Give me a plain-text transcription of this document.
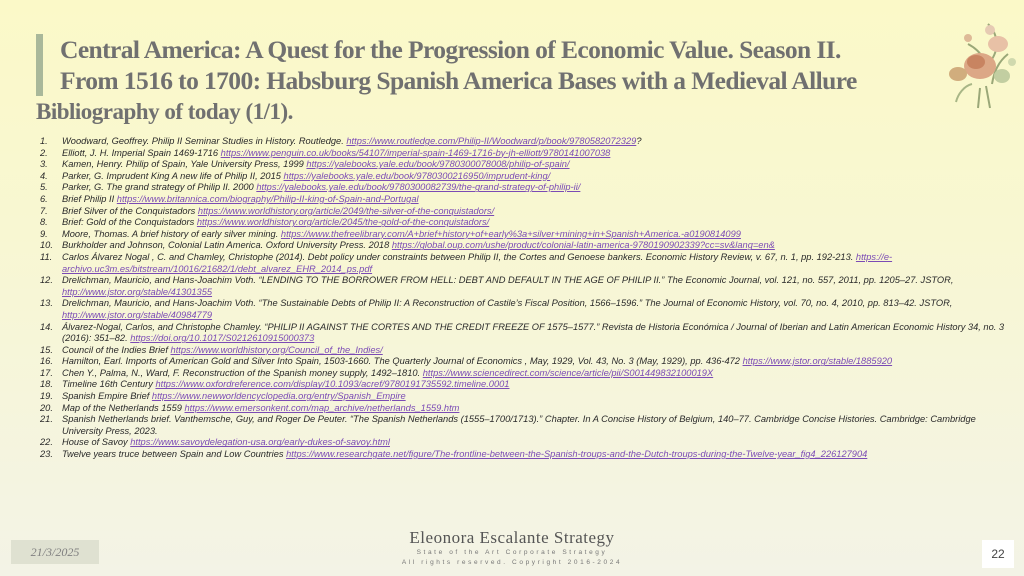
Central America: A Quest for the Progression of Economic Value. Season II.
From 1516 to 1700: Habsburg Spanish America Bases with a Medieval Allure
Bibliography of today (1/1).
1.	Woodward, Geoffrey. Philip II Seminar Studies in History. Routledge. https://www.routledge.com/Philip-II/Woodward/p/book/9780582072329?
2.	Elliott, J. H. Imperial Spain 1469-1716 https://www.penguin.co.uk/books/54107/imperial-spain-1469-1716-by-jh-elliott/9780141007038
3.	Kamen, Henry. Philip of Spain, Yale University Press, 1999 https://yalebooks.yale.edu/book/9780300078008/philip-of-spain/
4.	Parker, G. Imprudent King A new life of Philip II, 2015 https://yalebooks.yale.edu/book/9780300216950/imprudent-king/
5.	Parker, G. The grand strategy of Philip II. 2000 https://yalebooks.yale.edu/book/9780300082739/the-grand-strategy-of-philip-ii/
6.	Brief Philip II https://www.britannica.com/biography/Philip-II-king-of-Spain-and-Portugal
7.	Brief Silver of the Conquistadors https://www.worldhistory.org/article/2049/the-silver-of-the-conquistadors/
8.	Brief: Gold of the Conquistadors https://www.worldhistory.org/article/2045/the-gold-of-the-conquistadors/
9.	Moore, Thomas. A brief history of early silver mining. https://www.thefreelibrary.com/A+brief+history+of+early%3a+silver+mining+in+Spanish+America.-a0190814099
10. Burkholder and Johnson, Colonial Latin America. Oxford University Press. 2018 https://global.oup.com/ushe/product/colonial-latin-america-9780190902339?cc=sv&lang=en&
11.	Carlos Álvarez Nogal , C. and Chamley, Christophe (2014). Debt policy under constraints between Philip II, the Cortes and Genoese bankers. Economic History Review, v. 67, n. 1, pp. 192-213. https://e-archivo.uc3m.es/bitstream/10016/21682/1/debt_alvarez_EHR_2014_ps.pdf
12. Drelichman, Mauricio, and Hans-Joachim Voth. “LENDING TO THE BORROWER FROM HELL: DEBT AND DEFAULT IN THE AGE OF PHILIP II.” The Economic Journal, vol. 121, no. 557, 2011, pp. 1205–27. JSTOR, http://www.jstor.org/stable/41301355
13. Drelichman, Mauricio, and Hans-Joachim Voth. “The Sustainable Debts of Philip II: A Reconstruction of Castile’s Fiscal Position, 1566–1596.” The Journal of Economic History, vol. 70, no. 4, 2010, pp. 813–42. JSTOR, http://www.jstor.org/stable/40984779
14. Álvarez-Nogal, Carlos, and Christophe Chamley. “PHILIP II AGAINST THE CORTES AND THE CREDIT FREEZE OF 1575–1577.” Revista de Historia Económica / Journal of Iberian and Latin American Economic History 34, no. 3 (2016): 351–82. https://doi.org/10.1017/S0212610915000373
15. Council of the Indies Brief https://www.worldhistory.org/Council_of_the_Indies/
16. Hamilton, Earl. Imports of American Gold and Silver Into Spain, 1503-1660. The Quarterly Journal of Economics , May, 1929, Vol. 43, No. 3 (May, 1929), pp. 436-472 https://www.jstor.org/stable/1885920
17. Chen Y., Palma, N., Ward, F. Reconstruction of the Spanish money supply, 1492–1810. https://www.sciencedirect.com/science/article/pii/S001449832100019X
18. Timeline 16th Century https://www.oxfordreference.com/display/10.1093/acref/9780191735592.timeline.0001
19. Spanish Empire Brief https://www.newworldencyclopedia.org/entry/Spanish_Empire
20. Map of the Netherlands 1559 https://www.emersonkent.com/map_archive/netherlands_1559.htm
21. Spanish Netherlands brief. Vanthemsche, Guy, and Roger De Peuter. “The Spanish Netherlands (1555–1700/1713).” Chapter. In A Concise History of Belgium, 140–77. Cambridge Concise Histories. Cambridge: Cambridge University Press, 2023.
22. House of Savoy https://www.savoydelegation-usa.org/early-dukes-of-savoy.html
23. Twelve years truce between Spain and Low Countries https://www.researchgate.net/figure/The-frontline-between-the-Spanish-troups-and-the-Dutch-troups-during-the-Twelve-year_fig4_226127904
21/3/2025
Eleonora Escalante Strategy
State of the Art Corporate Strategy
All rights reserved. Copyright 2016-2024
22
